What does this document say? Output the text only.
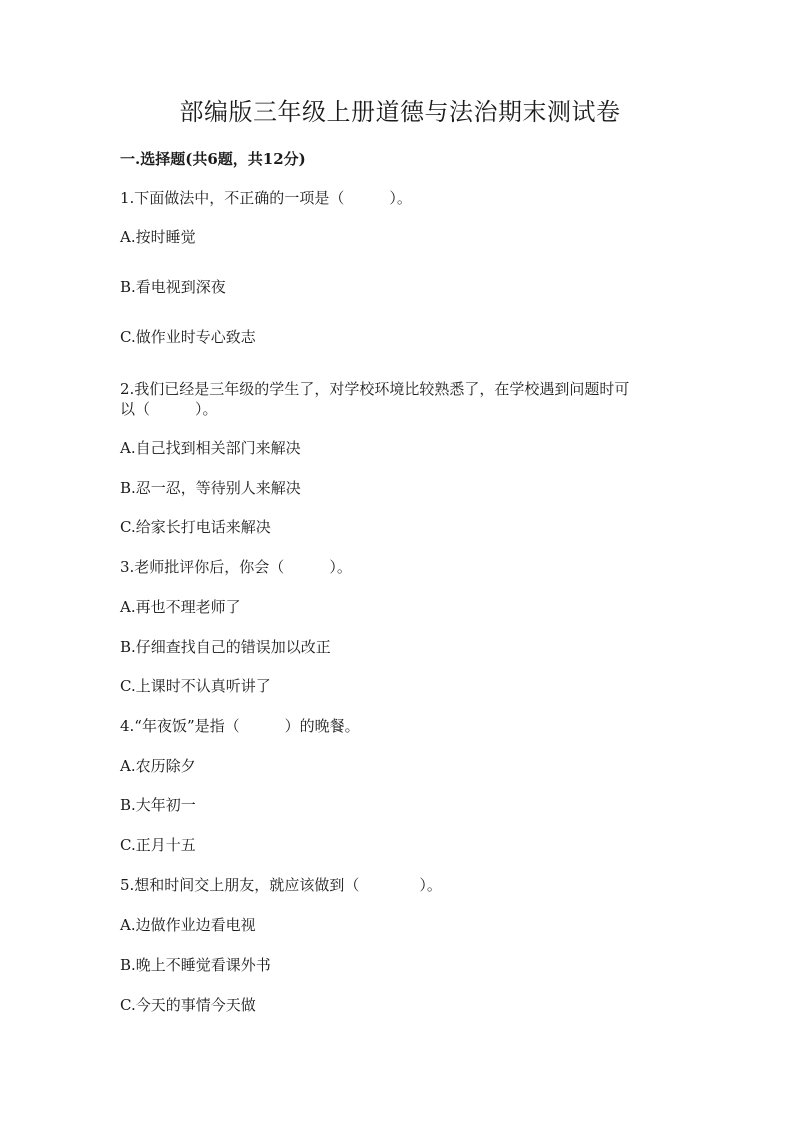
部编版三年级上册道德与法治期末测试卷
一.选择题(共6题，共12分)
1.下面做法中，不正确的一项是（　　　）。
A.按时睡觉
B.看电视到深夜
C.做作业时专心致志
2.我们已经是三年级的学生了，对学校环境比较熟悉了，在学校遇到问题时可
以（　　　）。
A.自己找到相关部门来解决
B.忍一忍，等待别人来解决
C.给家长打电话来解决
3.老师批评你后，你会（　　　）。
A.再也不理老师了
B.仔细查找自己的错误加以改正
C.上课时不认真听讲了
4.“年夜饭”是指（　　　）的晚餐。
A.农历除夕
B.大年初一
C.正月十五
5.想和时间交上朋友，就应该做到（　　　　）。
A.边做作业边看电视
B.晚上不睡觉看课外书
C.今天的事情今天做
